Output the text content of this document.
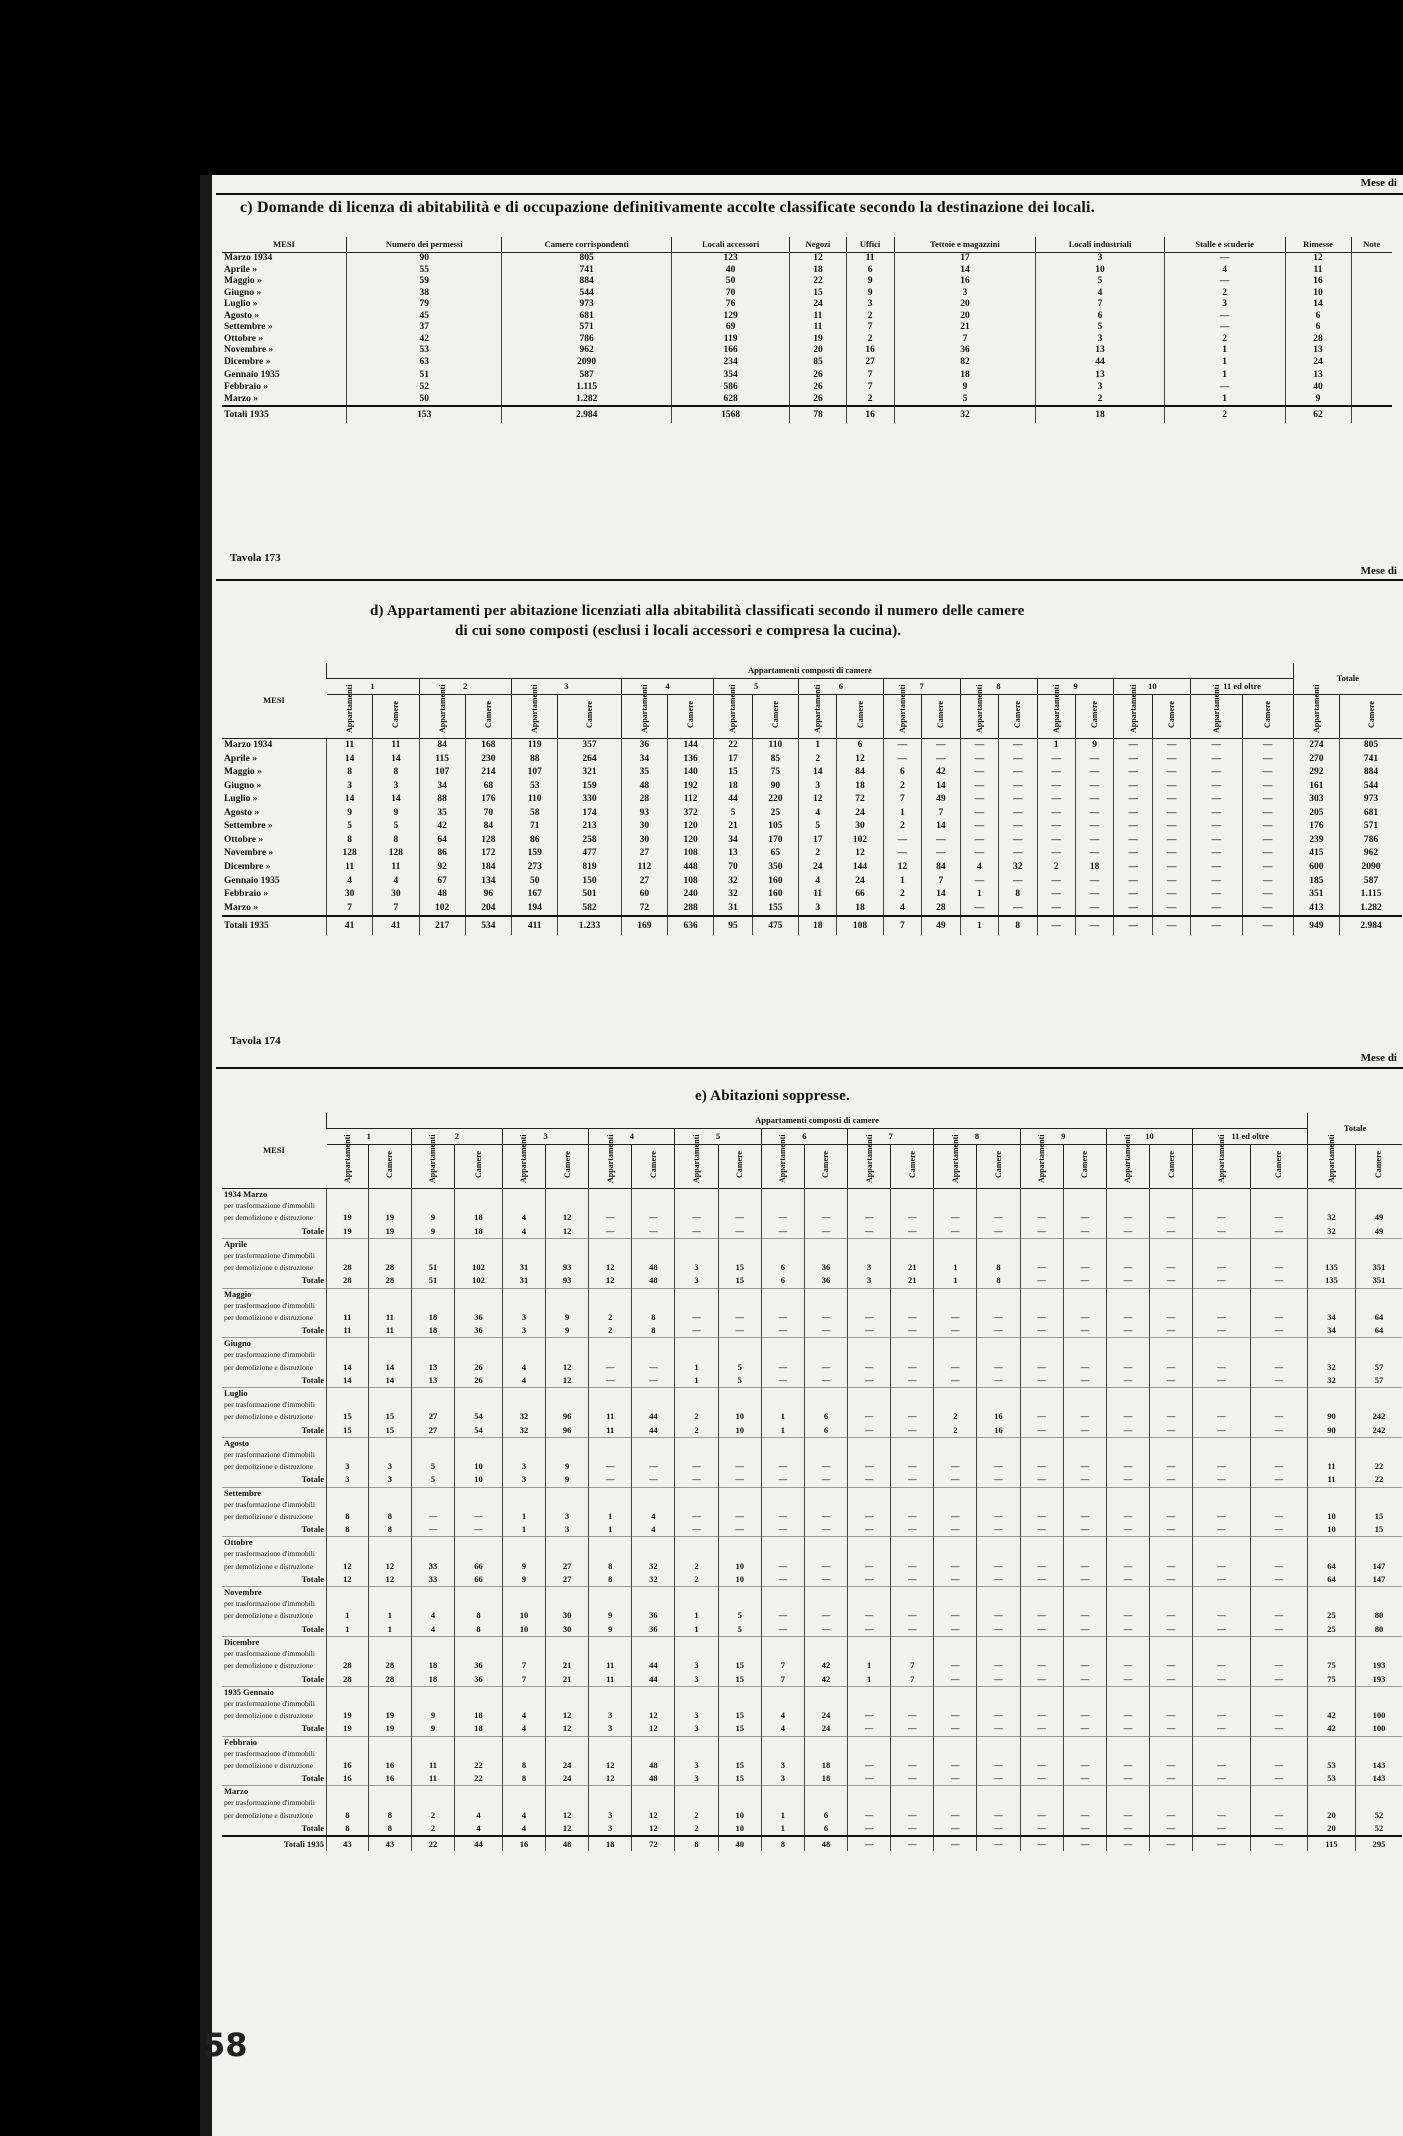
Mese di
c) Domande di licenza di abitabilità e di occupazione definitivamente accolte classificate secondo la destinazione dei locali.
MESI	Numero dei permessi	Camere corrispondenti	Locali accessori	Negozi	Uffici	Tettoie e magazzini	Locali industriali	Stalle e scuderie	Rimesse	Note
Marzo 1934	90	805	123	12	11	17	3	—	12	
Aprile »	55	741	40	18	6	14	10	4	11	
Maggio »	59	884	50	22	9	16	5	—	16	
Giugno »	38	544	70	15	9	3	4	2	10	
Luglio »	79	973	76	24	3	20	7	3	14	
Agosto »	45	681	129	11	2	20	6	—	6	
Settembre »	37	571	69	11	7	21	5	—	6	
Ottobre »	42	786	119	19	2	7	3	2	28	
Novembre »	53	962	166	20	16	36	13	1	13	
Dicembre »	63	2090	234	85	27	82	44	1	24	
Gennaio 1935	51	587	354	26	7	18	13	1	13	
Febbraio »	52	1.115	586	26	7	9	3	—	40	
Marzo »	50	1.282	628	26	2	5	2	1	9	
Totali 1935	153	2.984	1568	78	16	32	18	2	62	
Tavola 173
Mese di
d) Appartamenti per abitazione licenziati alla abitabilità classificati secondo il numero delle camere
di cui sono composti (esclusi i locali accessori e compresa la cucina).
MESI	Appartamenti composti di camere																						Totale	
	1		2		3		4		5		6		7		8		9		10		11 ed oltre			
	Appartamenti	Camere	Appartamenti	Camere	Appartamenti	Camere	Appartamenti	Camere	Appartamenti	Camere	Appartamenti	Camere	Appartamenti	Camere	Appartamenti	Camere	Appartamenti	Camere	Appartamenti	Camere	Appartamenti	Camere	Appartamenti	Camere
Marzo 1934	11	11	84	168	119	357	36	144	22	110	1	6	—	—	—	—	1	9	—	—	—	—	274	805
Aprile »	14	14	115	230	88	264	34	136	17	85	2	12	—	—	—	—	—	—	—	—	—	—	270	741
Maggio »	8	8	107	214	107	321	35	140	15	75	14	84	6	42	—	—	—	—	—	—	—	—	292	884
Giugno »	3	3	34	68	53	159	48	192	18	90	3	18	2	14	—	—	—	—	—	—	—	—	161	544
Luglio »	14	14	88	176	110	330	28	112	44	220	12	72	7	49	—	—	—	—	—	—	—	—	303	973
Agosto »	9	9	35	70	58	174	93	372	5	25	4	24	1	7	—	—	—	—	—	—	—	—	205	681
Settembre »	5	5	42	84	71	213	30	120	21	105	5	30	2	14	—	—	—	—	—	—	—	—	176	571
Ottobre »	8	8	64	128	86	258	30	120	34	170	17	102	—	—	—	—	—	—	—	—	—	—	239	786
Novembre »	128	128	86	172	159	477	27	108	13	65	2	12	—	—	—	—	—	—	—	—	—	—	415	962
Dicembre »	11	11	92	184	273	819	112	448	70	350	24	144	12	84	4	32	2	18	—	—	—	—	600	2090
Gennaio 1935	4	4	67	134	50	150	27	108	32	160	4	24	1	7	—	—	—	—	—	—	—	—	185	587
Febbraio »	30	30	48	96	167	501	60	240	32	160	11	66	2	14	1	8	—	—	—	—	—	—	351	1.115
Marzo »	7	7	102	204	194	582	72	288	31	155	3	18	4	28	—	—	—	—	—	—	—	—	413	1.282
Totali 1935	41	41	217	534	411	1.233	169	636	95	475	18	108	7	49	1	8	—	—	—	—	—	—	949	2.984
Tavola 174
Mese di
e) Abitazioni soppresse.
MESI	Appartamenti composti di camere																						Totale	
	1		2		3		4		5		6		7		8		9		10		11 ed oltre			
	Appartamenti	Camere	Appartamenti	Camere	Appartamenti	Camere	Appartamenti	Camere	Appartamenti	Camere	Appartamenti	Camere	Appartamenti	Camere	Appartamenti	Camere	Appartamenti	Camere	Appartamenti	Camere	Appartamenti	Camere	Appartamenti	Camere
1934 Marzo
per trasformazione d'immobili																								

per demolizione e distruzione	19	19	9	18	4	12	—	—	—	—	—	—	—	—	—	—	—	—	—	—	—	—	32	49
Totale	19	19	9	18	4	12	—	—	—	—	—	—	—	—	—	—	—	—	—	—	—	—	32	49
Aprile
per trasformazione d'immobili																								

per demolizione e distruzione	28	28	51	102	31	93	12	48	3	15	6	36	3	21	1	8	—	—	—	—	—	—	135	351
Totale	28	28	51	102	31	93	12	48	3	15	6	36	3	21	1	8	—	—	—	—	—	—	135	351
Maggio
per trasformazione d'immobili																								

per demolizione e distruzione	11	11	18	36	3	9	2	8	—	—	—	—	—	—	—	—	—	—	—	—	—	—	34	64
Totale	11	11	18	36	3	9	2	8	—	—	—	—	—	—	—	—	—	—	—	—	—	—	34	64
Giugno
per trasformazione d'immobili																								

per demolizione e distruzione	14	14	13	26	4	12	—	—	1	5	—	—	—	—	—	—	—	—	—	—	—	—	32	57
Totale	14	14	13	26	4	12	—	—	1	5	—	—	—	—	—	—	—	—	—	—	—	—	32	57
Luglio
per trasformazione d'immobili																								

per demolizione e distruzione	15	15	27	54	32	96	11	44	2	10	1	6	—	—	2	16	—	—	—	—	—	—	90	242
Totale	15	15	27	54	32	96	11	44	2	10	1	6	—	—	2	16	—	—	—	—	—	—	90	242
Agosto
per trasformazione d'immobili																								

per demolizione e distruzione	3	3	5	10	3	9	—	—	—	—	—	—	—	—	—	—	—	—	—	—	—	—	11	22
Totale	3	3	5	10	3	9	—	—	—	—	—	—	—	—	—	—	—	—	—	—	—	—	11	22
Settembre
per trasformazione d'immobili																								

per demolizione e distruzione	8	8	—	—	1	3	1	4	—	—	—	—	—	—	—	—	—	—	—	—	—	—	10	15
Totale	8	8	—	—	1	3	1	4	—	—	—	—	—	—	—	—	—	—	—	—	—	—	10	15
Ottobre
per trasformazione d'immobili																								

per demolizione e distruzione	12	12	33	66	9	27	8	32	2	10	—	—	—	—	—	—	—	—	—	—	—	—	64	147
Totale	12	12	33	66	9	27	8	32	2	10	—	—	—	—	—	—	—	—	—	—	—	—	64	147
Novembre
per trasformazione d'immobili																								

per demolizione e distruzione	1	1	4	8	10	30	9	36	1	5	—	—	—	—	—	—	—	—	—	—	—	—	25	80
Totale	1	1	4	8	10	30	9	36	1	5	—	—	—	—	—	—	—	—	—	—	—	—	25	80
Dicembre
per trasformazione d'immobili																								

per demolizione e distruzione	28	28	18	36	7	21	11	44	3	15	7	42	1	7	—	—	—	—	—	—	—	—	75	193
Totale	28	28	18	36	7	21	11	44	3	15	7	42	1	7	—	—	—	—	—	—	—	—	75	193
1935 Gennaio
per trasformazione d'immobili																								

per demolizione e distruzione	19	19	9	18	4	12	3	12	3	15	4	24	—	—	—	—	—	—	—	—	—	—	42	100
Totale	19	19	9	18	4	12	3	12	3	15	4	24	—	—	—	—	—	—	—	—	—	—	42	100
Febbraio
per trasformazione d'immobili																								

per demolizione e distruzione	16	16	11	22	8	24	12	48	3	15	3	18	—	—	—	—	—	—	—	—	—	—	53	143
Totale	16	16	11	22	8	24	12	48	3	15	3	18	—	—	—	—	—	—	—	—	—	—	53	143
Marzo
per trasformazione d'immobili																								

per demolizione e distruzione	8	8	2	4	4	12	3	12	2	10	1	6	—	—	—	—	—	—	—	—	—	—	20	52
Totale	8	8	2	4	4	12	3	12	2	10	1	6	—	—	—	—	—	—	—	—	—	—	20	52
Totali 1935	43	43	22	44	16	48	18	72	8	40	8	48	—	—	—	—	—	—	—	—	—	—	115	295
58
